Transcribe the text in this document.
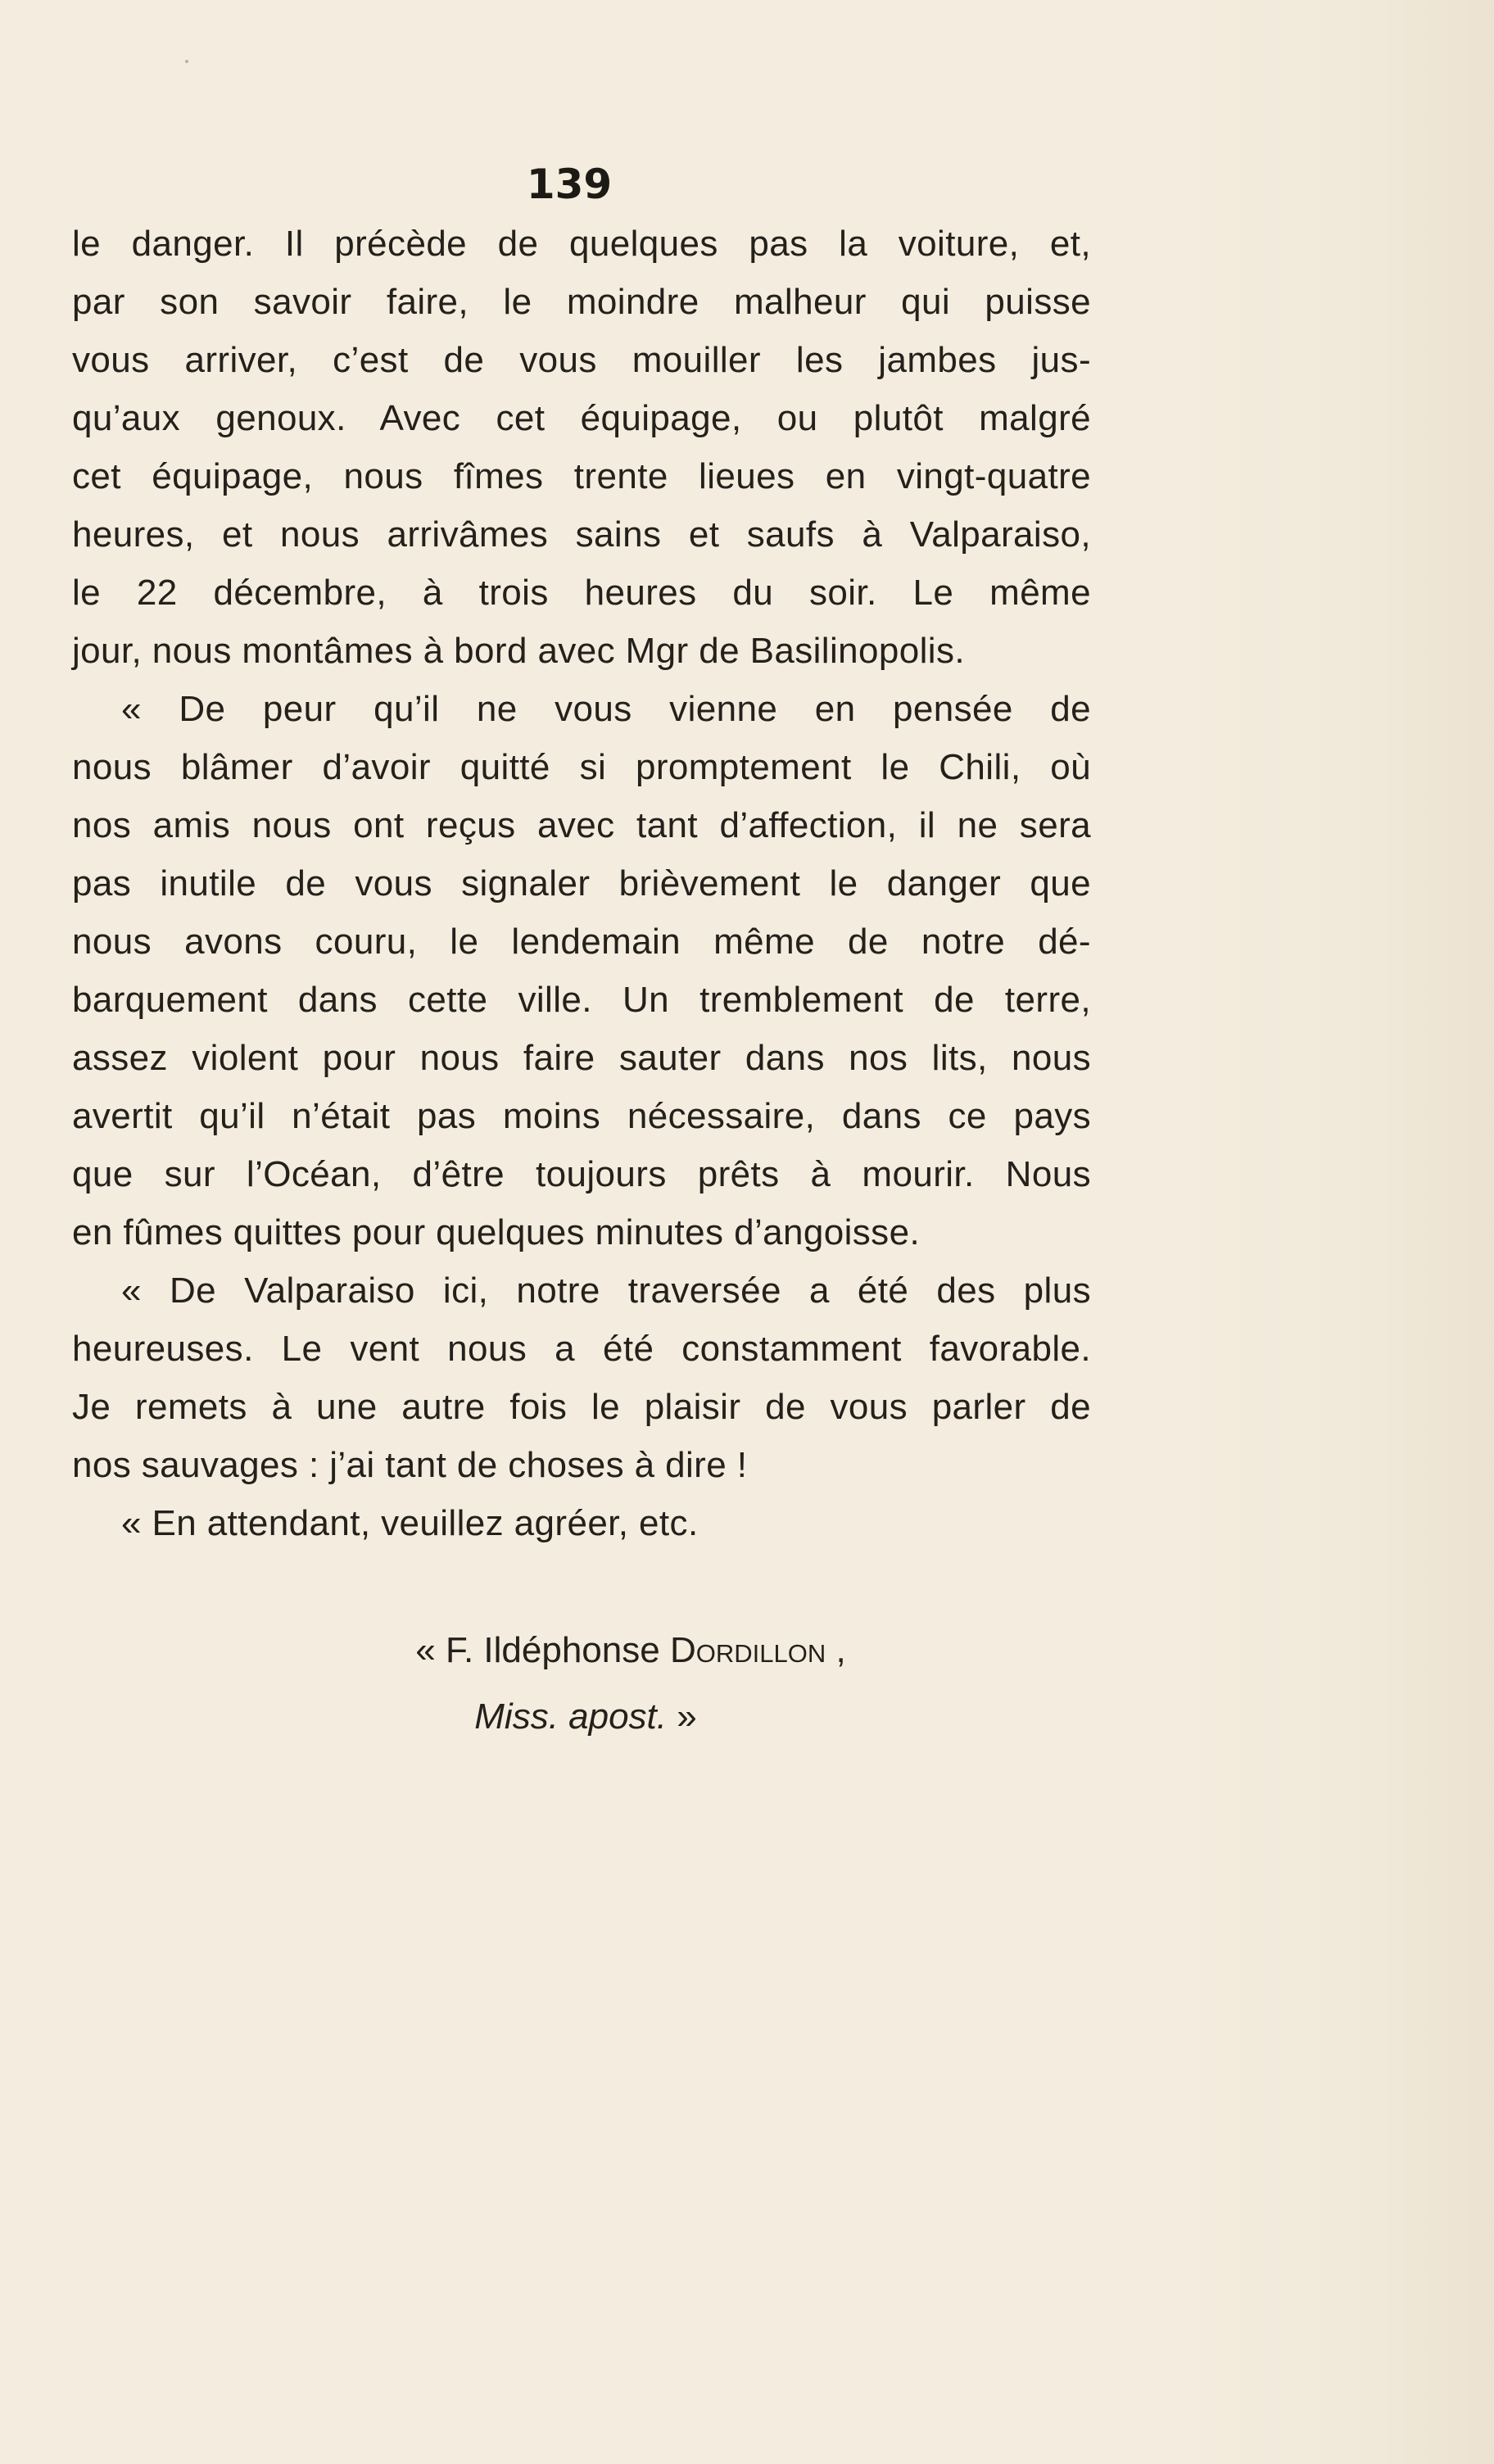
139
le danger. Il précède de quelques pas la voiture, et,
par son savoir faire, le moindre malheur qui puisse
vous arriver, c’est de vous mouiller les jambes jus-
qu’aux genoux. Avec cet équipage, ou plutôt malgré
cet équipage, nous fîmes trente lieues en vingt-quatre
heures, et nous arrivâmes sains et saufs à Valparaiso,
le 22 décembre, à trois heures du soir. Le même
jour, nous montâmes à bord avec Mgr de Basilinopolis.
« De peur qu’il ne vous vienne en pensée de
nous blâmer d’avoir quitté si promptement le Chili, où
nos amis nous ont reçus avec tant d’affection, il ne sera
pas inutile de vous signaler brièvement le danger que
nous avons couru, le lendemain même de notre dé-
barquement dans cette ville. Un tremblement de terre,
assez violent pour nous faire sauter dans nos lits, nous
avertit qu’il n’était pas moins nécessaire, dans ce pays
que sur l’Océan, d’être toujours prêts à mourir. Nous
en fûmes quittes pour quelques minutes d’angoisse.
« De Valparaiso ici, notre traversée a été des plus
heureuses. Le vent nous a été constamment favorable.
Je remets à une autre fois le plaisir de vous parler de
nos sauvages : j’ai tant de choses à dire !
« En attendant, veuillez agréer, etc.
« F. Ildéphonse Dordillon ,
Miss. apost. »
